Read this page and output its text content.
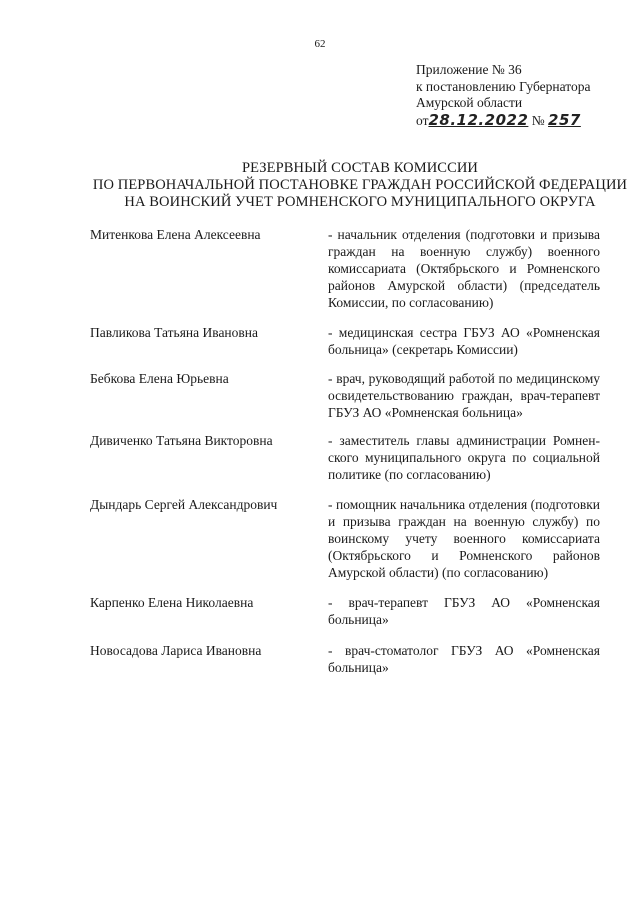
62
Приложение № 36
к постановлению Губернатора
Амурской области
от28.12.2022 № 257
РЕЗЕРВНЫЙ СОСТАВ КОМИССИИ
ПО ПЕРВОНАЧАЛЬНОЙ ПОСТАНОВКЕ ГРАЖДАН РОССИЙСКОЙ ФЕДЕРАЦИИ
НА ВОИНСКИЙ УЧЕТ РОМНЕНСКОГО МУНИЦИПАЛЬНОГО ОКРУГА
Митенкова Елена Алексеевна	- начальник отделения (подготовки и призыва граждан на военную службу) военного комиссариата (Октябрьского и Ромненского районов Амурской области) (председатель Комиссии, по согласованию)
Павликова Татьяна Ивановна	- медицинская сестра ГБУЗ АО «Ромненская больница» (секретарь Комиссии)
Бебкова Елена Юрьевна	- врач, руководящий работой по медицинскому освидетельствованию граждан, врач-терапевт ГБУЗ АО «Ромненская больница»
Дивиченко Татьяна Викторовна	- заместитель главы администрации Ромненского муниципального округа по социальной политике (по согласованию)
Дындарь Сергей Александрович	- помощник начальника отделения (подготовки и призыва граждан на военную службу) по воинскому учету военного комиссариата (Октябрьского и Ромненского районов Амурской области) (по согласованию)
Карпенко Елена Николаевна	- врач-терапевт ГБУЗ АО «Ромненская больница»
Новосадова Лариса Ивановна	- врач-стоматолог ГБУЗ АО «Ромненская больница»
